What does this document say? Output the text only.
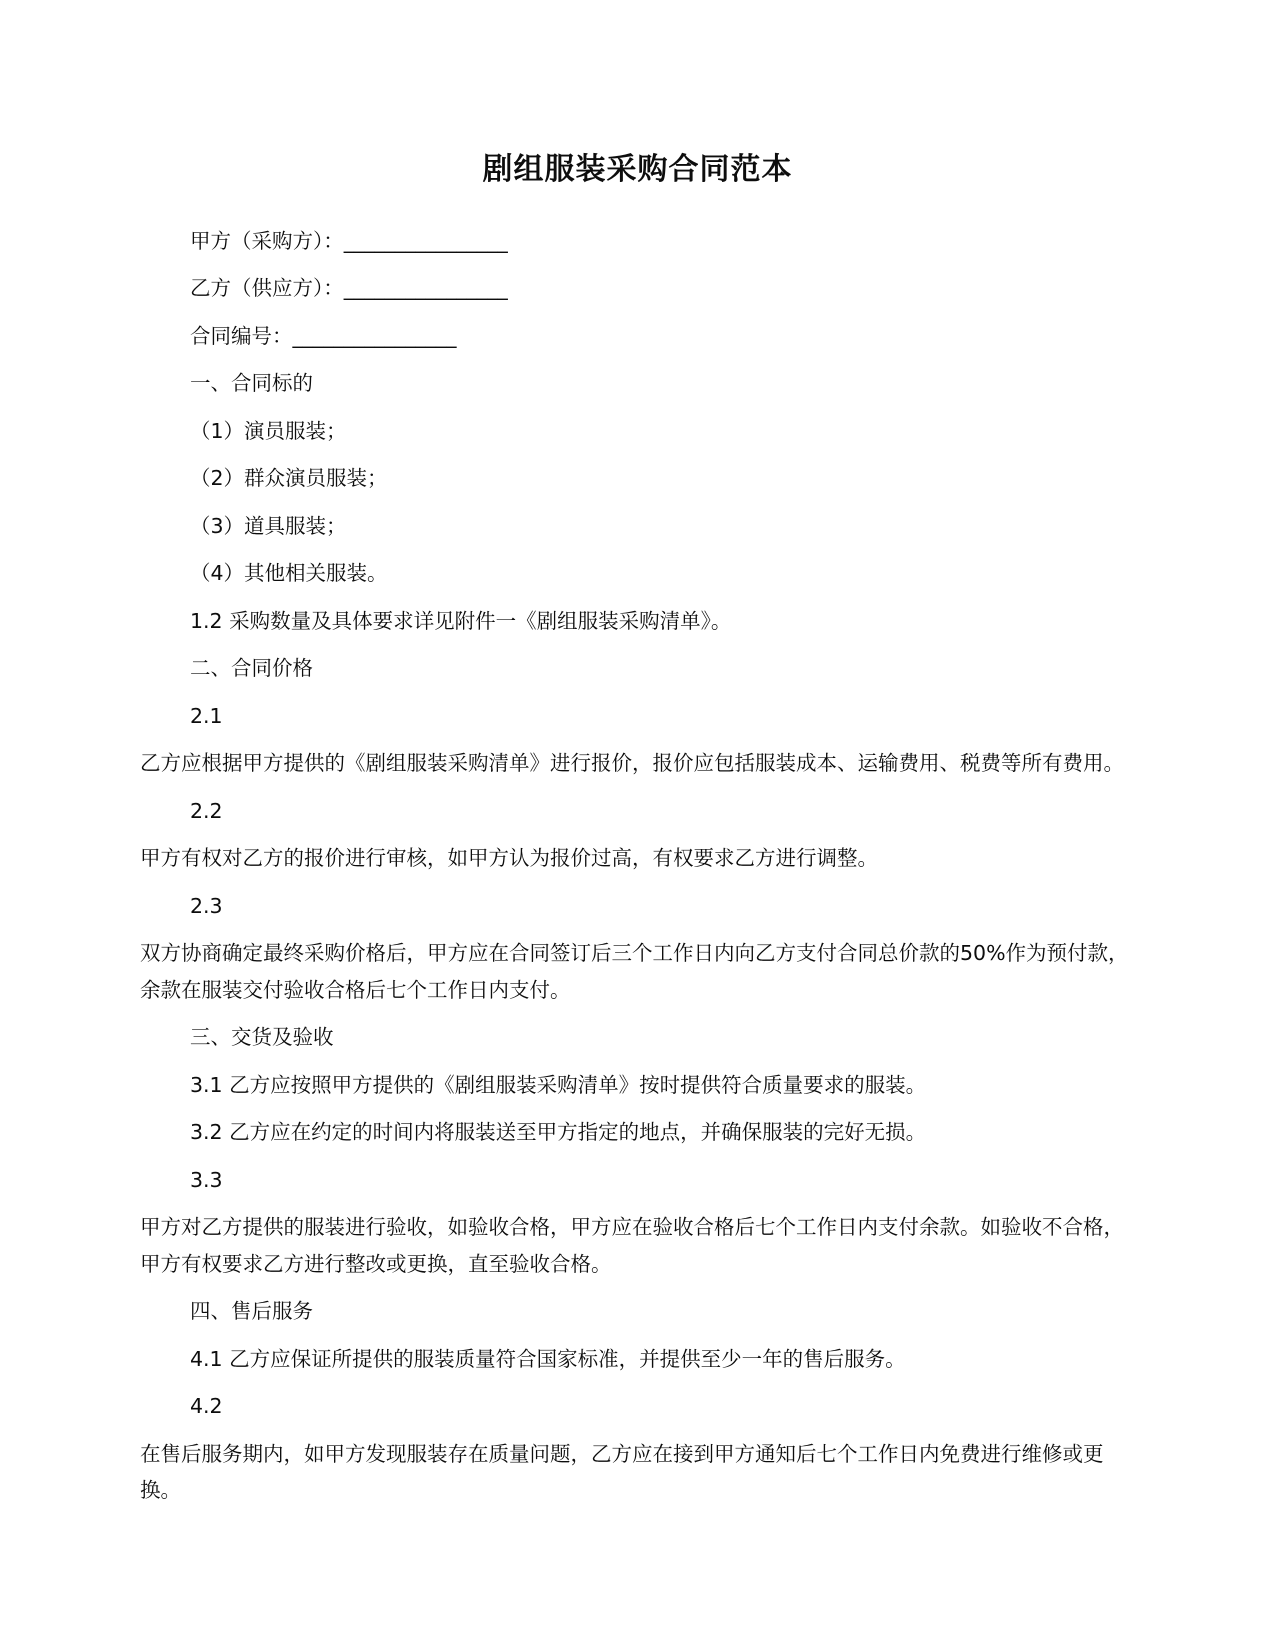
剧组服装采购合同范本

甲方（采购方）：________________

乙方（供应方）：________________

合同编号：________________

一、合同标的

（1）演员服装；

（2）群众演员服装；

（3）道具服装；

（4）其他相关服装。

1.2 采购数量及具体要求详见附件一《剧组服装采购清单》。

二、合同价格

2.1

乙方应根据甲方提供的《剧组服装采购清单》进行报价，报价应包括服装成本、运输费用、税费等所有费用。

2.2

甲方有权对乙方的报价进行审核，如甲方认为报价过高，有权要求乙方进行调整。

2.3

双方协商确定最终采购价格后，甲方应在合同签订后三个工作日内向乙方支付合同总价款的50%作为预付款，余款在服装交付验收合格后七个工作日内支付。

三、交货及验收

3.1 乙方应按照甲方提供的《剧组服装采购清单》按时提供符合质量要求的服装。

3.2 乙方应在约定的时间内将服装送至甲方指定的地点，并确保服装的完好无损。

3.3

甲方对乙方提供的服装进行验收，如验收合格，甲方应在验收合格后七个工作日内支付余款。如验收不合格，甲方有权要求乙方进行整改或更换，直至验收合格。

四、售后服务

4.1 乙方应保证所提供的服装质量符合国家标准，并提供至少一年的售后服务。

4.2

在售后服务期内，如甲方发现服装存在质量问题，乙方应在接到甲方通知后七个工作日内免费进行维修或更换。
